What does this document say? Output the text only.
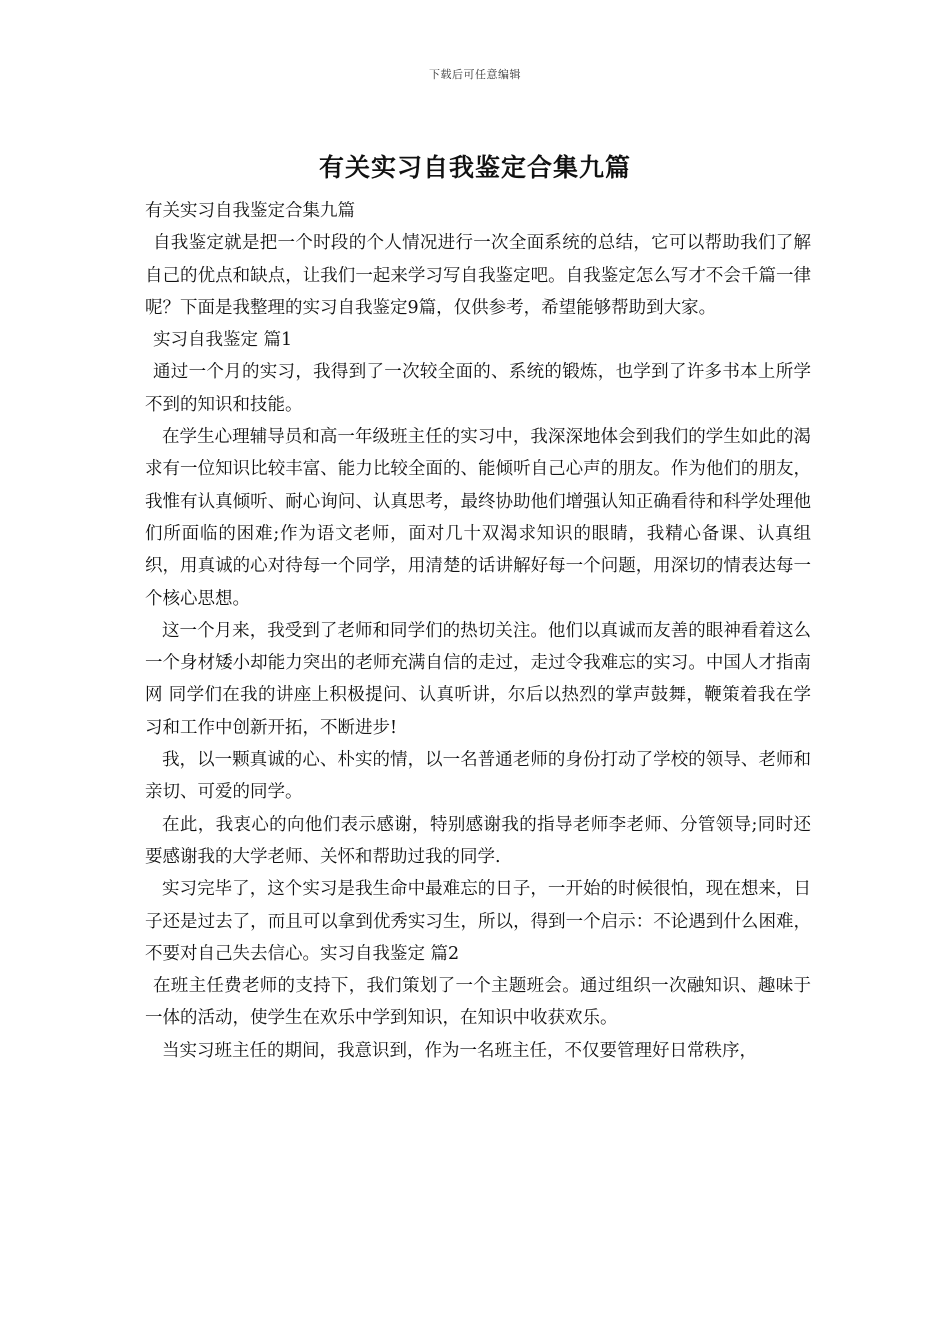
下载后可任意编辑
有关实习自我鉴定合集九篇

有关实习自我鉴定合集九篇

自我鉴定就是把一个时段的个人情况进行一次全面系统的总结，它可以帮助我们了解自己的优点和缺点，让我们一起来学习写自我鉴定吧。自我鉴定怎么写才不会千篇一律呢？下面是我整理的实习自我鉴定9篇，仅供参考，希望能够帮助到大家。

实习自我鉴定 篇1

通过一个月的实习，我得到了一次较全面的、系统的锻炼，也学到了许多书本上所学不到的知识和技能。

在学生心理辅导员和高一年级班主任的实习中，我深深地体会到我们的学生如此的渴求有一位知识比较丰富、能力比较全面的、能倾听自己心声的朋友。作为他们的朋友，我惟有认真倾听、耐心询问、认真思考，最终协助他们增强认知正确看待和科学处理他们所面临的困难;作为语文老师，面对几十双渴求知识的眼睛，我精心备课、认真组织，用真诚的心对待每一个同学，用清楚的话讲解好每一个问题，用深切的情表达每一个核心思想。

这一个月来，我受到了老师和同学们的热切关注。他们以真诚而友善的眼神看着这么一个身材矮小却能力突出的老师充满自信的走过，走过令我难忘的实习。中国人才指南网 同学们在我的讲座上积极提问、认真听讲，尔后以热烈的掌声鼓舞，鞭策着我在学习和工作中创新开拓，不断进步!

我，以一颗真诚的心、朴实的情，以一名普通老师的身份打动了学校的领导、老师和亲切、可爱的同学。

在此，我衷心的向他们表示感谢，特别感谢我的指导老师李老师、分管领导;同时还要感谢我的大学老师、关怀和帮助过我的同学.

实习完毕了，这个实习是我生命中最难忘的日子，一开始的时候很怕，现在想来，日子还是过去了，而且可以拿到优秀实习生，所以，得到一个启示：不论遇到什么困难，不要对自己失去信心。实习自我鉴定 篇2

在班主任费老师的支持下，我们策划了一个主题班会。通过组织一次融知识、趣味于一体的活动，使学生在欢乐中学到知识，在知识中收获欢乐。

当实习班主任的期间，我意识到，作为一名班主任，不仅要管理好日常秩序，
